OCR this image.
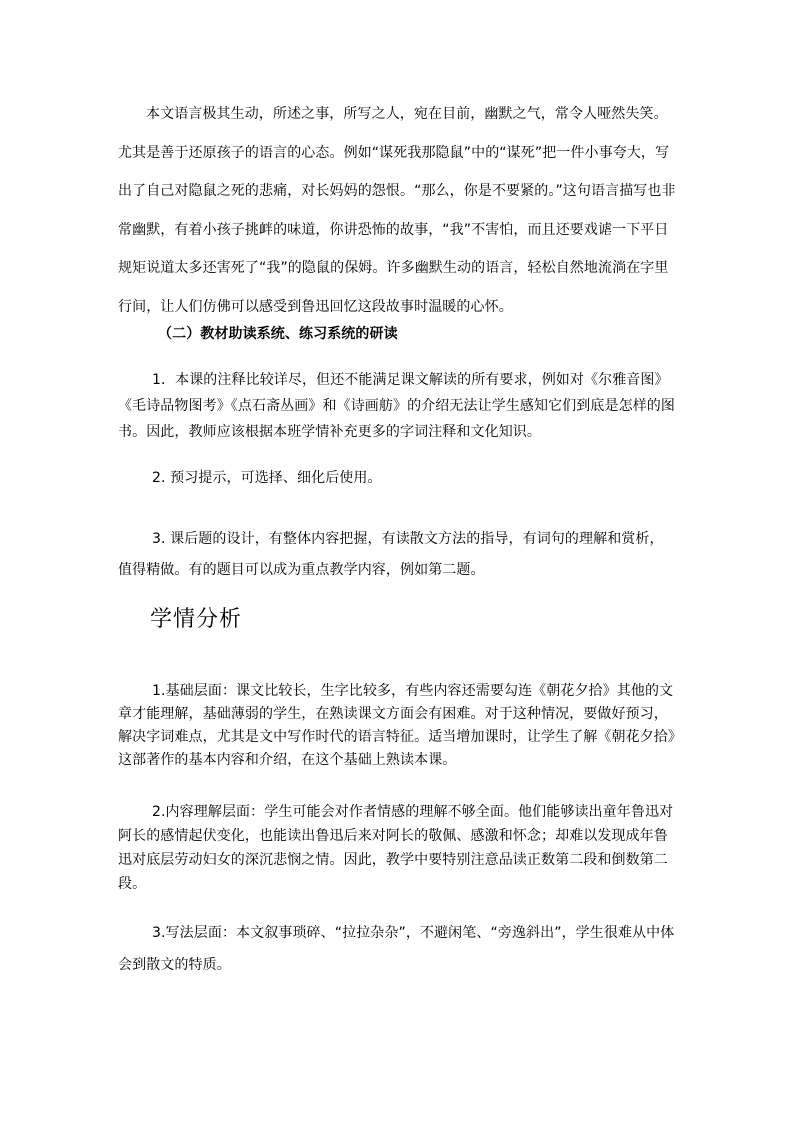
本文语言极其生动，所述之事，所写之人，宛在目前，幽默之气，常令人哑然失笑。尤其是善于还原孩子的语言的心态。例如“谋死我那隐鼠”中的“谋死”把一件小事夸大，写出了自己对隐鼠之死的悲痛，对长妈妈的怨恨。“那么，你是不要紧的。”这句语言描写也非常幽默，有着小孩子挑衅的味道，你讲恐怖的故事，“我”不害怕，而且还要戏谑一下平日规矩说道太多还害死了“我”的隐鼠的保姆。许多幽默生动的语言，轻松自然地流淌在字里行间，让人们仿佛可以感受到鲁迅回忆这段故事时温暖的心怀。

（二）教材助读系统、练习系统的研读

1．本课的注释比较详尽，但还不能满足课文解读的所有要求，例如对《尔雅音图》《毛诗品物图考》《点石斋丛画》和《诗画舫》的介绍无法让学生感知它们到底是怎样的图书。因此，教师应该根据本班学情补充更多的字词注释和文化知识。

2. 预习提示，可选择、细化后使用。

3. 课后题的设计，有整体内容把握，有读散文方法的指导，有词句的理解和赏析，值得精做。有的题目可以成为重点教学内容，例如第二题。

学情分析

1.基础层面：课文比较长，生字比较多，有些内容还需要勾连《朝花夕拾》其他的文章才能理解，基础薄弱的学生，在熟读课文方面会有困难。对于这种情况，要做好预习，解决字词难点，尤其是文中写作时代的语言特征。适当增加课时，让学生了解《朝花夕拾》这部著作的基本内容和介绍，在这个基础上熟读本课。

2.内容理解层面：学生可能会对作者情感的理解不够全面。他们能够读出童年鲁迅对阿长的感情起伏变化，也能读出鲁迅后来对阿长的敬佩、感激和怀念；却难以发现成年鲁迅对底层劳动妇女的深沉悲悯之情。因此，教学中要特别注意品读正数第二段和倒数第二段。

3.写法层面：本文叙事琐碎、“拉拉杂杂”，不避闲笔、“旁逸斜出”，学生很难从中体会到散文的特质。
